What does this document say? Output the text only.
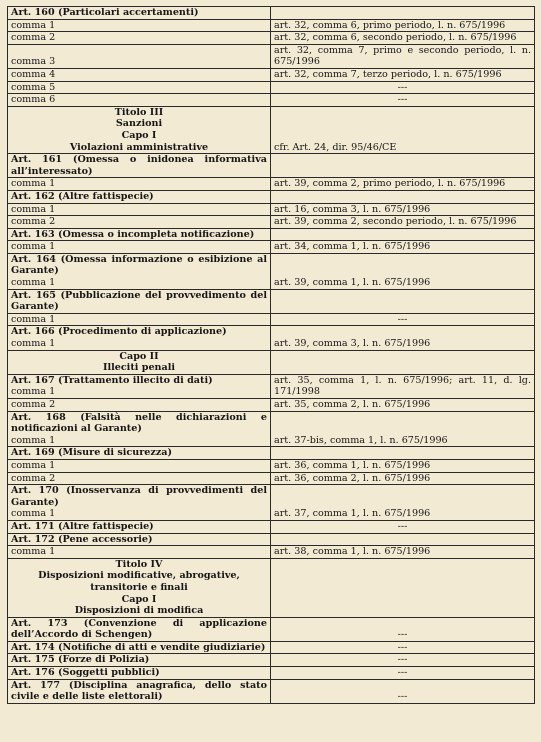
Art. 160 (Particolari accertamenti)	

comma 1	art. 32, comma 6, primo periodo, l. n. 675/1996

comma 2	art. 32, comma 6, secondo periodo, l. n. 675/1996

comma 3	art. 32, comma 7, primo e secondo periodo, l. n. 675/1996

comma 4	art. 32, comma 7, terzo periodo, l. n. 675/1996

comma 5	---

comma 6	---

Titolo III
Sanzioni
Capo I
Violazioni amministrative	cfr. Art. 24, dir. 95/46/CE

Art. 161 (Omessa o inidonea informativa all’interessato)	

comma 1	art. 39, comma 2, primo periodo, l. n. 675/1996

Art. 162 (Altre fattispecie)	

comma 1	art. 16, comma 3, l. n. 675/1996

comma 2	art. 39, comma 2, secondo periodo, l. n. 675/1996

Art. 163 (Omessa o incompleta notificazione)	

comma 1	art. 34, comma 1, l. n. 675/1996

Art. 164 (Omessa informazione o esibizione al Garante)
comma 1	art. 39, comma 1, l. n. 675/1996

Art. 165 (Pubblicazione del provvedimento del Garante)	

comma 1	---

Art. 166 (Procedimento di applicazione)
comma 1	art. 39, comma 3, l. n. 675/1996

Capo II
Illeciti penali	

Art. 167 (Trattamento illecito di dati)
comma 1	art. 35, comma 1, l. n. 675/1996; art. 11, d. lg. 171/1998

comma 2	art. 35, comma 2, l. n. 675/1996

Art. 168 (Falsità nelle dichiarazioni e notificazioni al Garante)
comma 1	art. 37-bis, comma 1, l. n. 675/1996

Art. 169 (Misure di sicurezza)	

comma 1	art. 36, comma 1, l. n. 675/1996

comma 2	art. 36, comma 2, l. n. 675/1996

Art. 170 (Inosservanza di provvedimenti del Garante)
comma 1	art. 37, comma 1, l. n. 675/1996

Art. 171 (Altre fattispecie)	---

Art. 172 (Pene accessorie)	

comma 1	art. 38, comma 1, l. n. 675/1996

Titolo IV
Disposizioni modificative, abrogative, transitorie e finali
Capo I
Disposizioni di modifica	

Art. 173 (Convenzione di applicazione dell’Accordo di Schengen)	---

Art. 174 (Notifiche di atti e vendite giudiziarie)	---

Art. 175 (Forze di Polizia)	---

Art. 176 (Soggetti pubblici)	---

Art. 177 (Disciplina anagrafica, dello stato civile e delle liste elettorali)	---
